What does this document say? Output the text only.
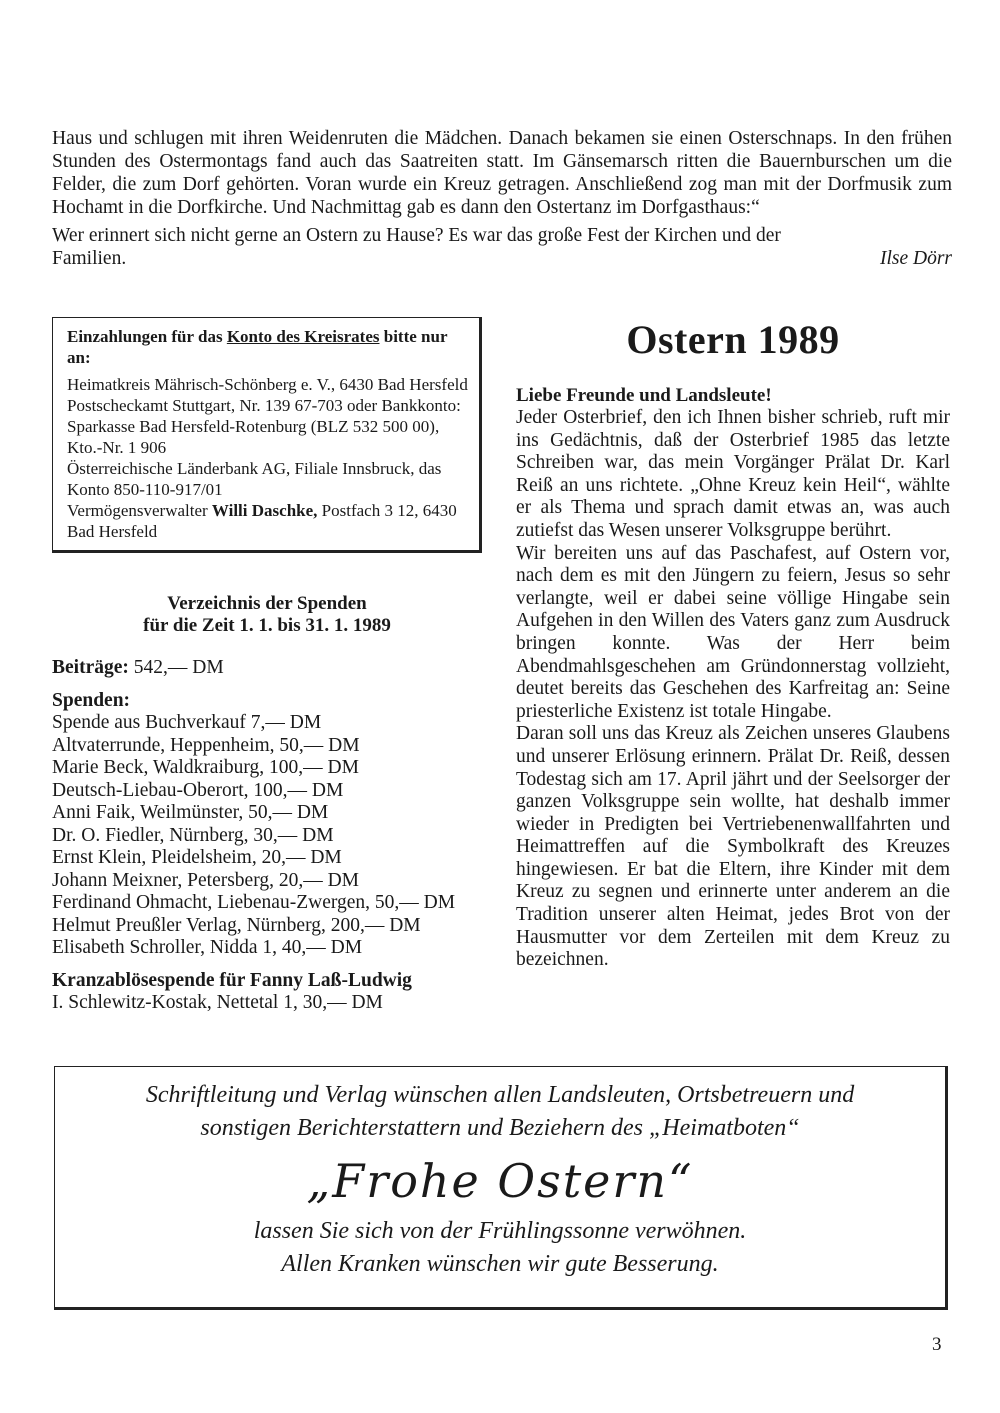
Haus und schlugen mit ihren Weidenruten die Mädchen. Danach bekamen sie einen Osterschnaps. In den frühen Stunden des Ostermontags fand auch das Saatreiten statt. Im Gänsemarsch ritten die Bauernburschen um die Felder, die zum Dorf gehörten. Voran wurde ein Kreuz getragen. Anschließend zog man mit der Dorfmusik zum Hochamt in die Dorfkirche. Und Nachmittag gab es dann den Ostertanz im Dorfgasthaus:“

Wer erinnert sich nicht gerne an Ostern zu Hause? Es war das große Fest der Kirchen und der

Familien.	Ilse Dörr

Einzahlungen für das Konto des Kreisrates bitte nur an:

Heimatkreis Mährisch-Schönberg e. V., 6430 Bad Hersfeld

Postscheckamt Stuttgart, Nr. 139 67-703 oder Bankkonto: Sparkasse Bad Hersfeld-Rotenburg (BLZ 532 500 00), Kto.-Nr. 1 906

Österreichische Länderbank AG, Filiale Innsbruck, das Konto 850-110-917/01

Vermögensverwalter Willi Daschke, Postfach 3 12, 6430 Bad Hersfeld

Verzeichnis der Spenden
für die Zeit 1. 1. bis 31. 1. 1989

Beiträge: 542,— DM

Spenden:

Spende aus Buchverkauf 7,— DM

Altvaterrunde, Heppenheim, 50,— DM

Marie Beck, Waldkraiburg, 100,— DM

Deutsch-Liebau-Oberort, 100,— DM

Anni Faik, Weilmünster, 50,— DM

Dr. O. Fiedler, Nürnberg, 30,— DM

Ernst Klein, Pleidelsheim, 20,— DM

Johann Meixner, Petersberg, 20,— DM

Ferdinand Ohmacht, Liebenau-Zwergen, 50,— DM

Helmut Preußler Verlag, Nürnberg, 200,— DM

Elisabeth Schroller, Nidda 1, 40,— DM

Kranzablösespende für Fanny Laß-Ludwig

I. Schlewitz-Kostak, Nettetal 1, 30,— DM

Ostern 1989

Liebe Freunde und Landsleute!

Jeder Osterbrief, den ich Ihnen bisher schrieb, ruft mir ins Gedächtnis, daß der Osterbrief 1985 das letzte Schreiben war, das mein Vorgänger Prälat Dr. Karl Reiß an uns richtete. „Ohne Kreuz kein Heil“, wählte er als Thema und sprach damit etwas an, was auch zutiefst das Wesen unserer Volksgruppe berührt.

Wir bereiten uns auf das Paschafest, auf Ostern vor, nach dem es mit den Jüngern zu feiern, Jesus so sehr verlangte, weil er dabei seine völlige Hingabe sein Aufgehen in den Willen des Vaters ganz zum Ausdruck bringen konnte. Was der Herr beim Abendmahlsgeschehen am Gründonnerstag vollzieht, deutet bereits das Geschehen des Karfreitag an: Seine priesterliche Existenz ist totale Hingabe.

Daran soll uns das Kreuz als Zeichen unseres Glaubens und unserer Erlösung erinnern. Prälat Dr. Reiß, dessen Todestag sich am 17. April jährt und der Seelsorger der ganzen Volksgruppe sein wollte, hat deshalb immer wieder in Predigten bei Vertriebenenwallfahrten und Heimattreffen auf die Symbolkraft des Kreuzes hingewiesen. Er bat die Eltern, ihre Kinder mit dem Kreuz zu segnen und erinnerte unter anderem an die Tradition unserer alten Heimat, jedes Brot von der Hausmutter vor dem Zerteilen mit dem Kreuz zu bezeichnen.

Schriftleitung und Verlag wünschen allen Landsleuten, Ortsbetreuern und

sonstigen Berichterstattern und Beziehern des „Heimatboten“

„Frohe Ostern“

lassen Sie sich von der Frühlingssonne verwöhnen.

Allen Kranken wünschen wir gute Besserung.

3
